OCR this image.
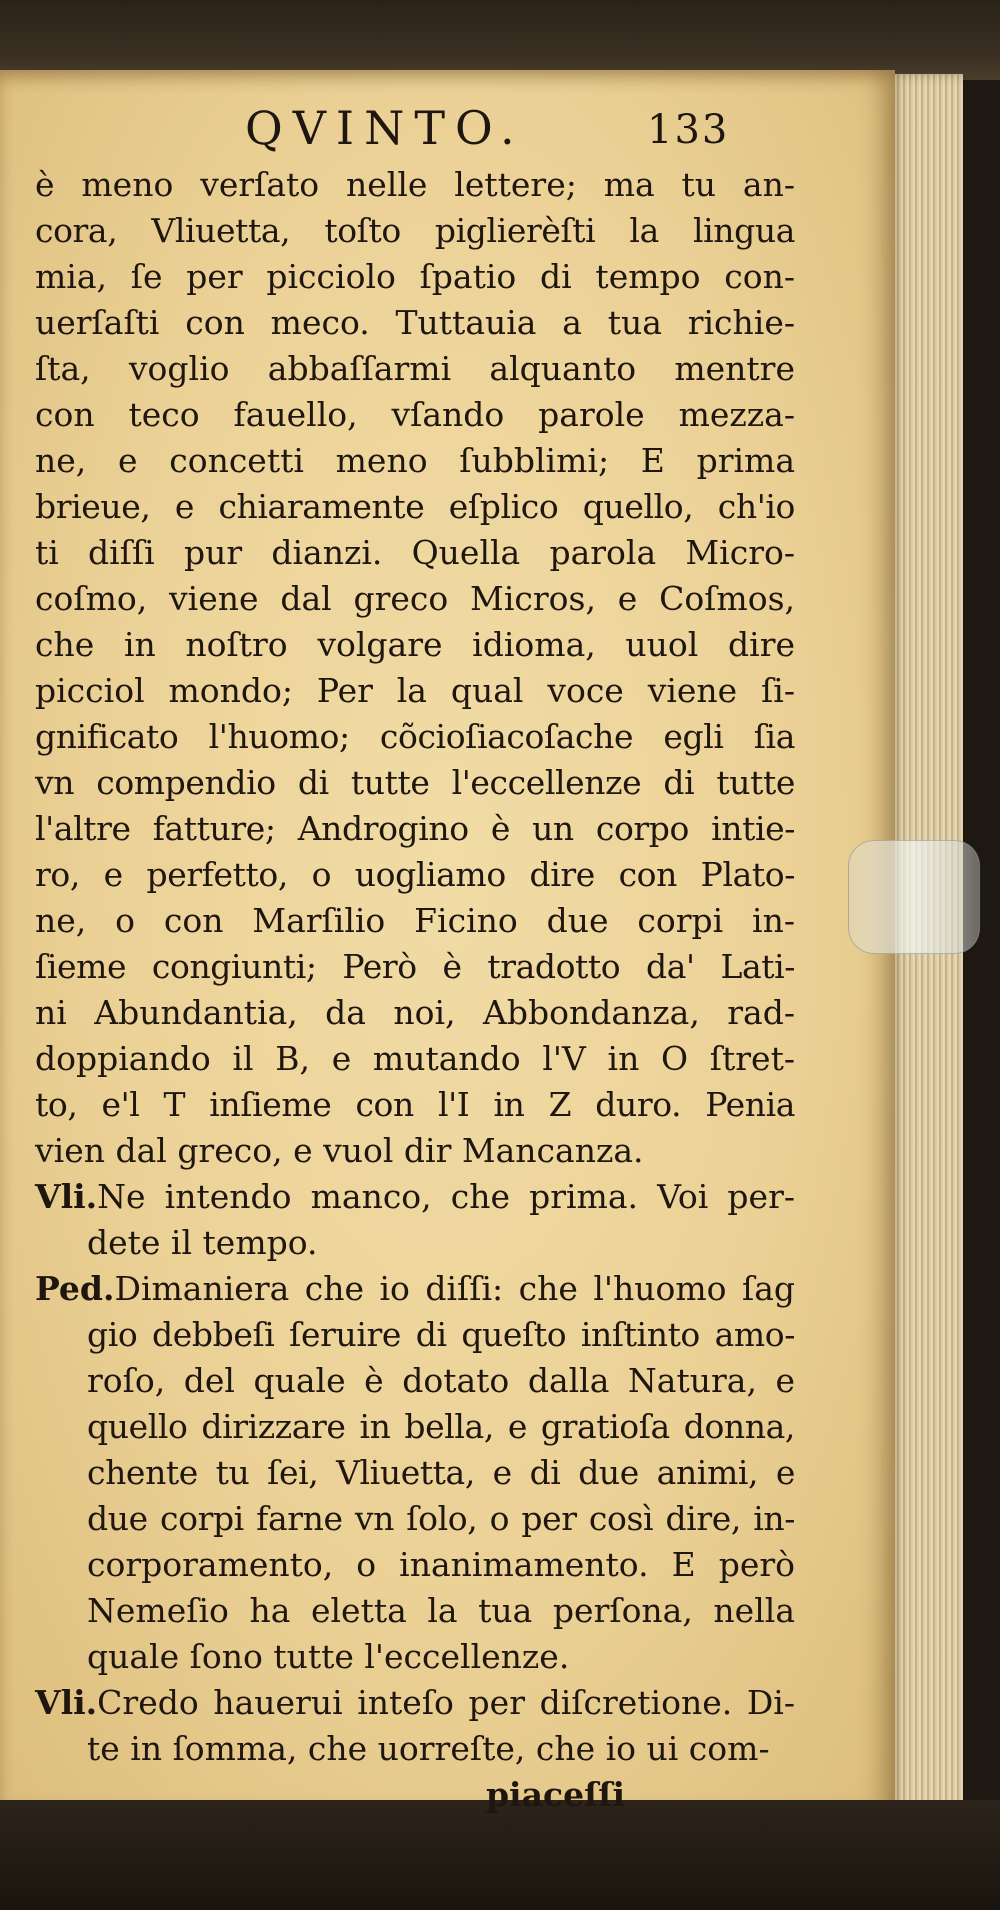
QVINTO.	133
è meno verſato nelle lettere; ma tu an-
cora, Vliuetta, toſto piglierèſti la lingua
mia, ſe per picciolo ſpatio di tempo con-
uerſaſti con meco. Tuttauia a tua richie-
ſta, voglio abbaſſarmi alquanto mentre
con teco fauello, vſando parole mezza-
ne, e concetti meno ſubblimi; E prima
brieue, e chiaramente eſplico quello, ch'io
ti diſſi pur dianzi. Quella parola Micro-
coſmo, viene dal greco Micros, e Coſmos,
che in noſtro volgare idioma, uuol dire
picciol mondo; Per la qual voce viene ſi-
gnificato l'huomo; cõcioſiacoſache egli ſia
vn compendio di tutte l'eccellenze di tutte
l'altre fatture; Androgino è un corpo intie-
ro, e perfetto, o uogliamo dire con Plato-
ne, o con Marſilio Ficino due corpi in-
ſieme congiunti; Però è tradotto da' Lati-
ni Abundantia, da noi, Abbondanza, rad-
doppiando il B, e mutando l'V in O ſtret-
to, e'l T inſieme con l'I in Z duro. Penia
vien dal greco, e vuol dir Mancanza.
Vli.Ne intendo manco, che prima. Voi per-
dete il tempo.
Ped.Dimaniera che io diſſi: che l'huomo ſag
gio debbeſi ſeruire di queſto inſtinto amo-
roſo, del quale è dotato dalla Natura, e
quello dirizzare in bella, e gratioſa donna,
chente tu ſei, Vliuetta, e di due animi, e
due corpi farne vn ſolo, o per così dire, in-
corporamento, o inanimamento. E però
Nemeſio ha eletta la tua perſona, nella
quale ſono tutte l'eccellenze.
Vli.Credo hauerui inteſo per diſcretione. Di-
te in ſomma, che uorreſte, che io ui com-
piaceſſi
